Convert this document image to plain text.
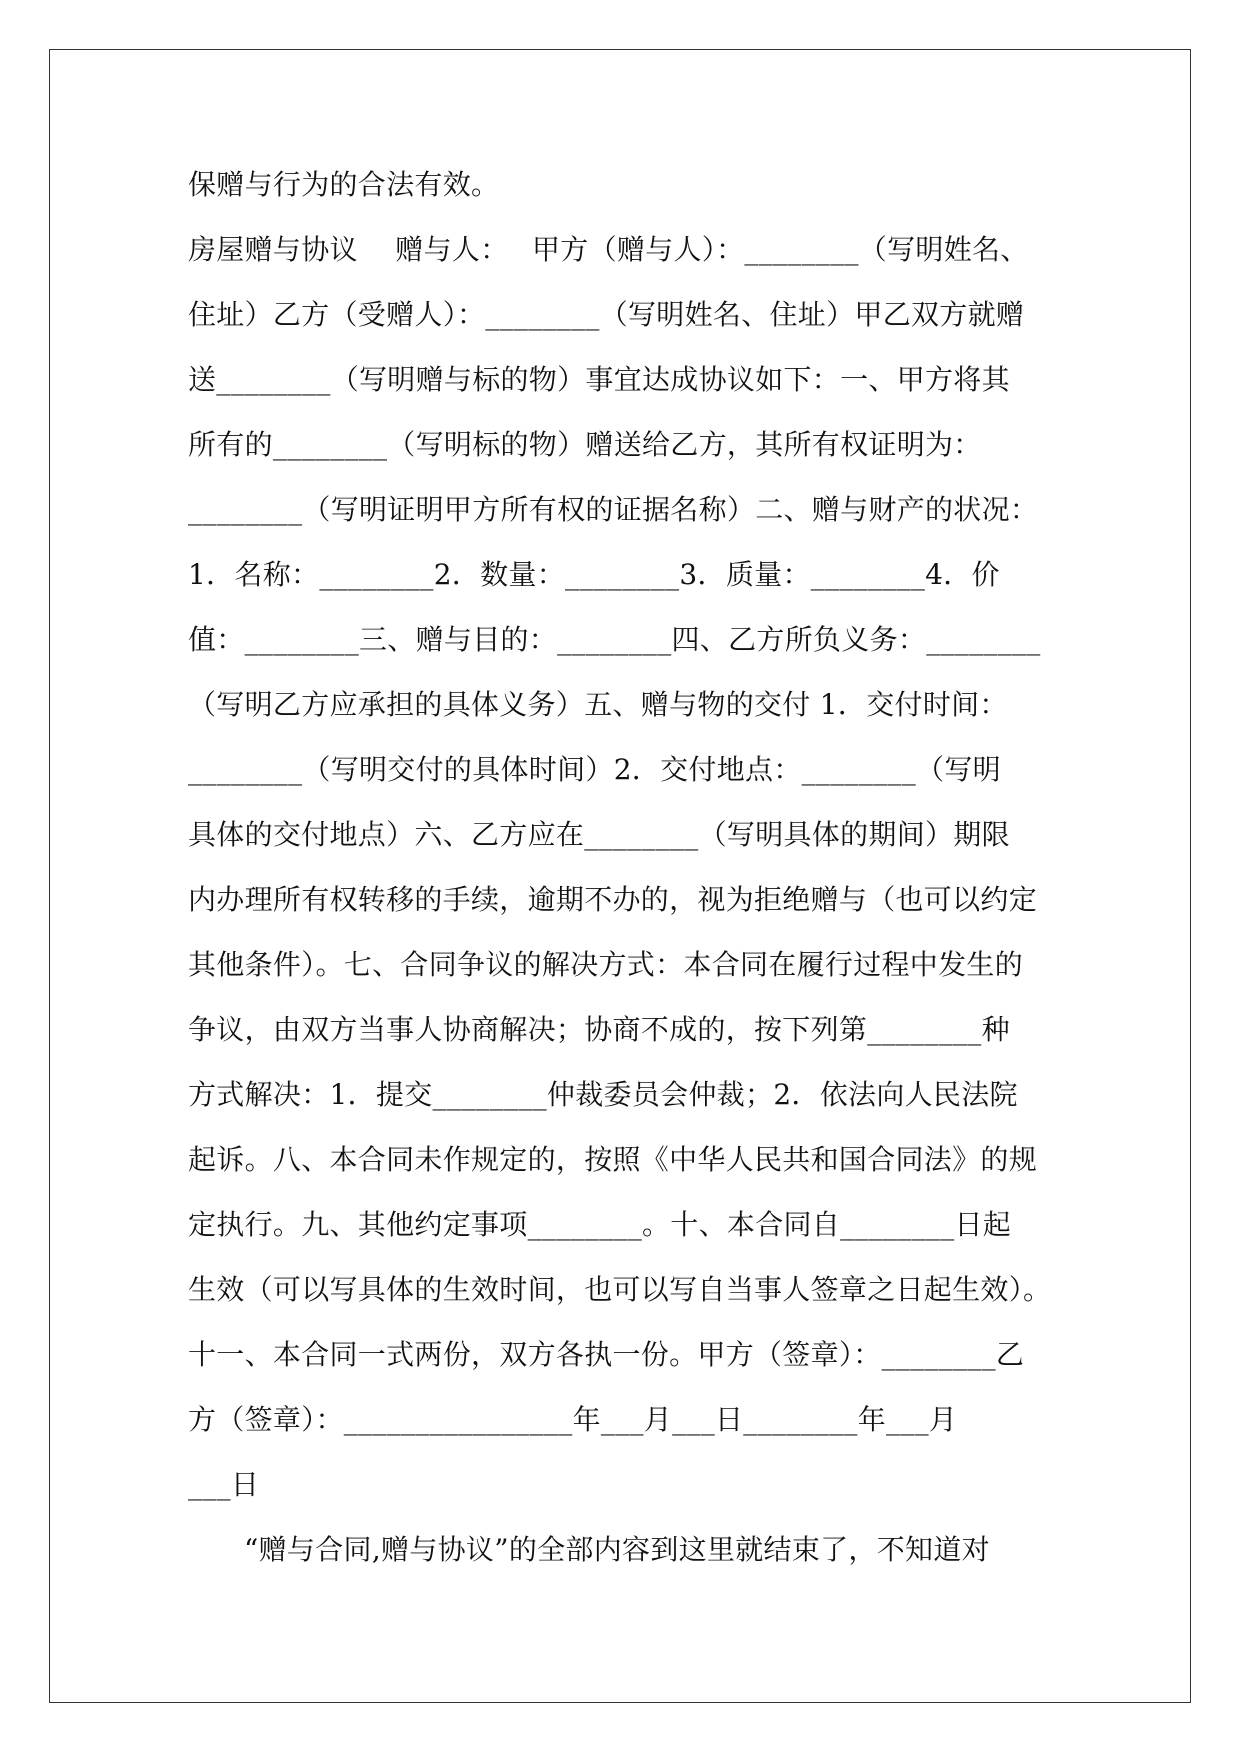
保赠与行为的合法有效。
房屋赠与协议　 赠与人：　 甲方（赠与人）：________（写明姓名、
住址）乙方（受赠人）：________（写明姓名、住址）甲乙双方就赠
送________（写明赠与标的物）事宜达成协议如下：一、甲方将其
所有的________（写明标的物）赠送给乙方，其所有权证明为：
________（写明证明甲方所有权的证据名称）二、赠与财产的状况：
1．名称：________2．数量：________3．质量：________4．价
值：________三、赠与目的：________四、乙方所负义务：________
（写明乙方应承担的具体义务）五、赠与物的交付 1．交付时间：
________（写明交付的具体时间）2．交付地点：________（写明
具体的交付地点）六、乙方应在________（写明具体的期间）期限
内办理所有权转移的手续，逾期不办的，视为拒绝赠与（也可以约定
其他条件）。七、合同争议的解决方式：本合同在履行过程中发生的
争议，由双方当事人协商解决；协商不成的，按下列第________种
方式解决：1．提交________仲裁委员会仲裁；2．依法向人民法院
起诉。八、本合同未作规定的，按照《中华人民共和国合同法》的规
定执行。九、其他约定事项________。十、本合同自________日起
生效（可以写具体的生效时间，也可以写自当事人签章之日起生效）。
十一、本合同一式两份，双方各执一份。甲方（签章）：________乙
方（签章）：________________年___月___日________年___月
___日
“赠与合同,赠与协议”的全部内容到这里就结束了，不知道对
